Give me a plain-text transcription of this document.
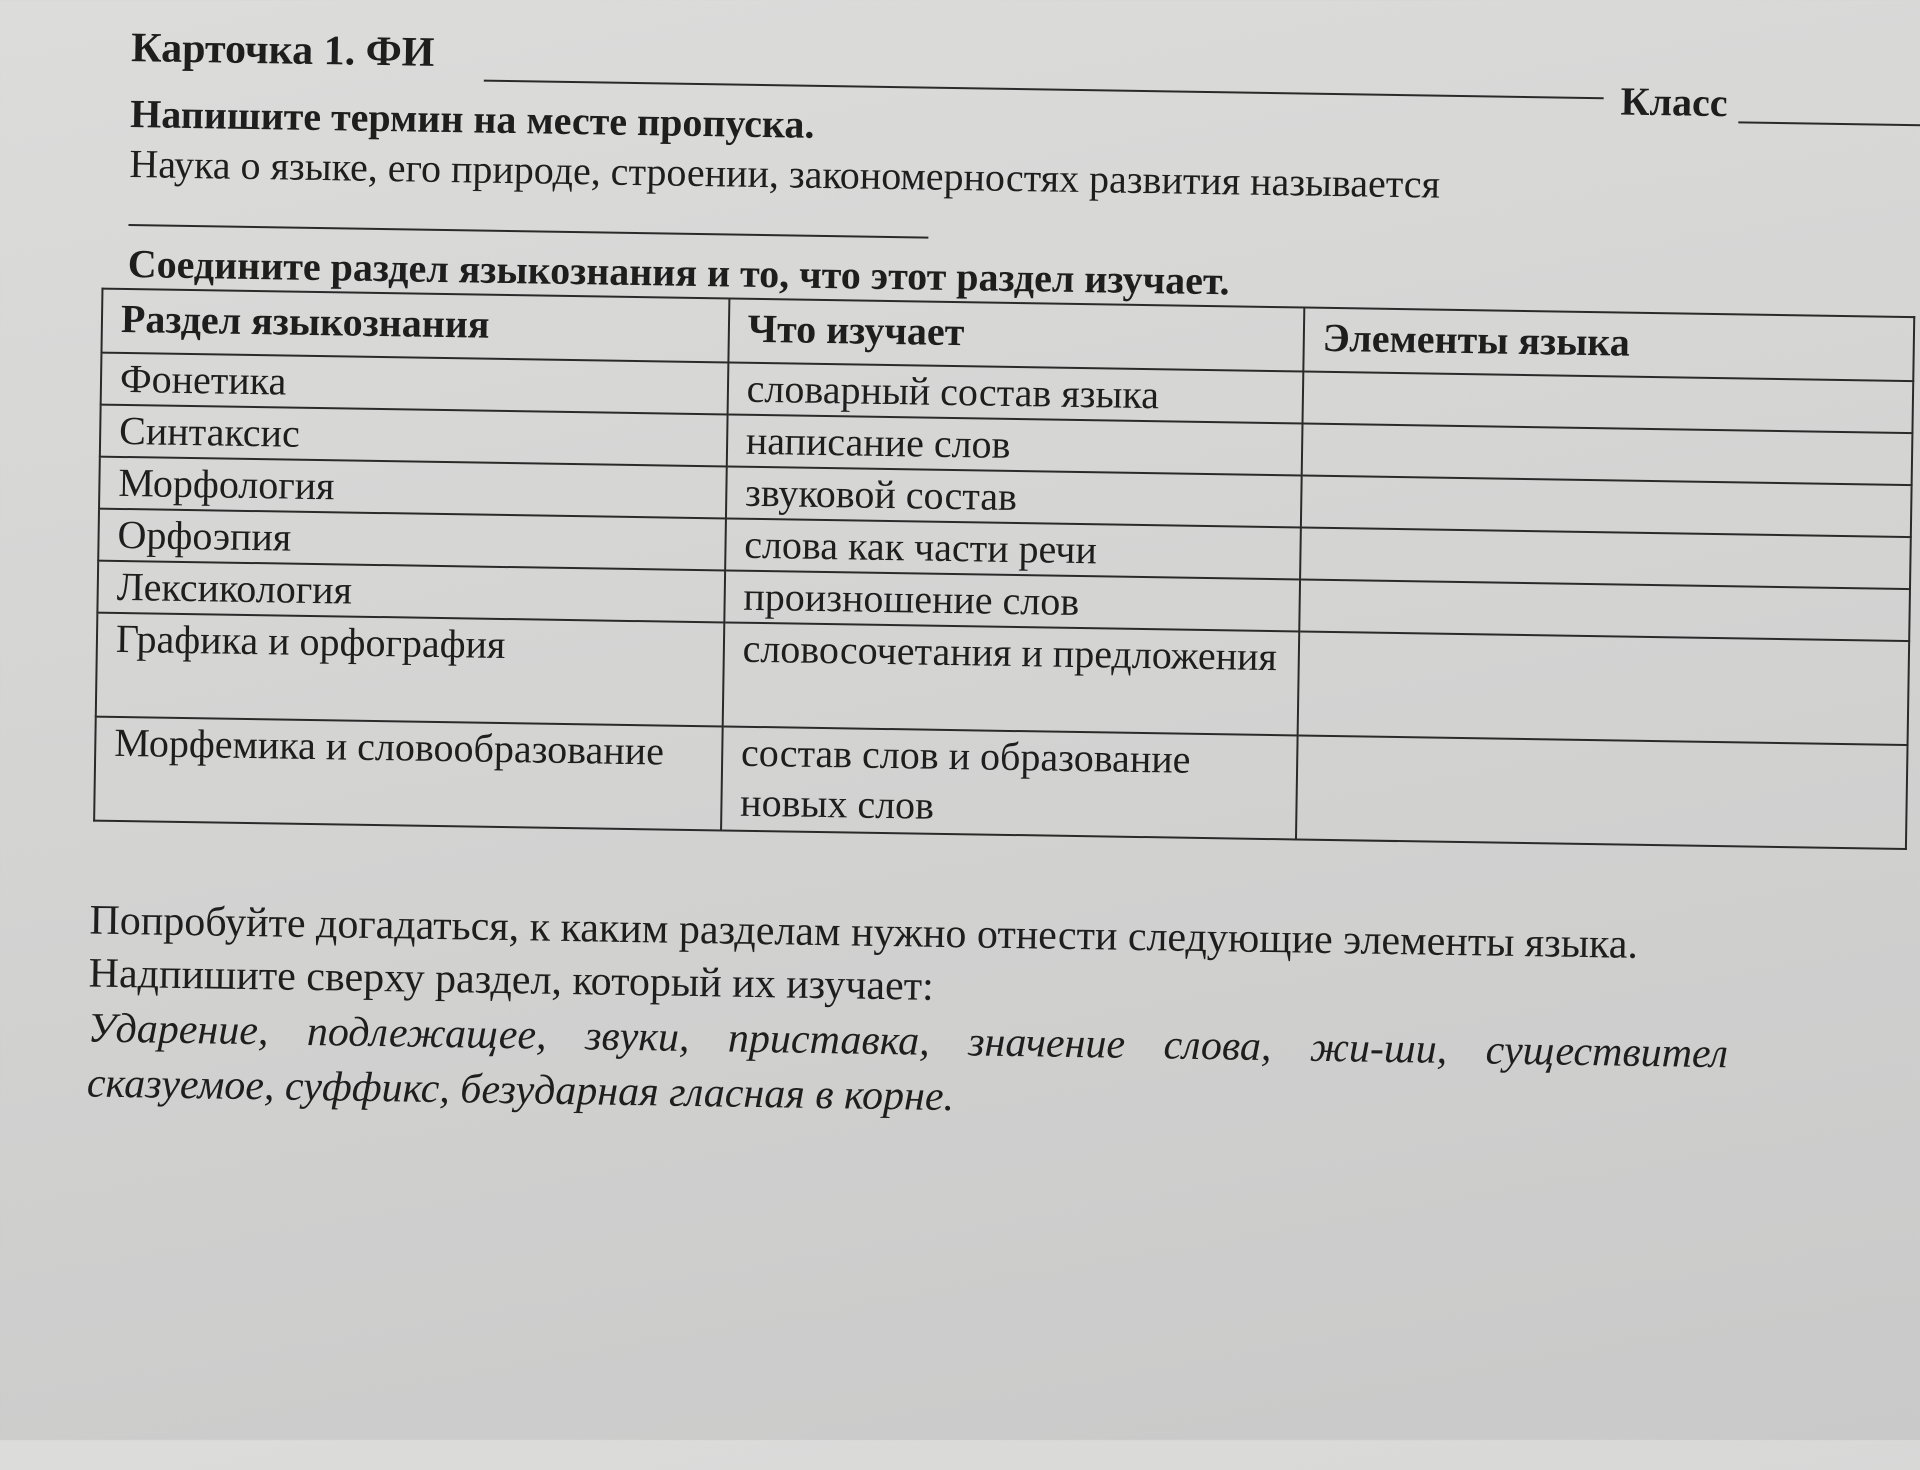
Карточка 1. ФИ
Класс
Напишите термин на месте пропуска.
Наука о языке, его природе, строении, закономерностях развития называется
Соедините раздел языкознания и то, что этот раздел изучает.
Раздел языкознания	Что изучает	Элементы языка
Фонетика	словарный состав языка	
Синтаксис	написание слов	
Морфология	звуковой состав	
Орфоэпия	слова как части речи	
Лексикология	произношение слов	
Графика и орфография	словосочетания и предложения	
Морфемика и словообразование	состав слов и образование новых слов	
Попробуйте догадаться, к каким разделам нужно отнести следующие элементы языка.
Надпишите сверху раздел, который их изучает:
Ударение, подлежащее, звуки, приставка, значение слова, жи-ши, существител
сказуемое, суффикс, безударная гласная в корне.
